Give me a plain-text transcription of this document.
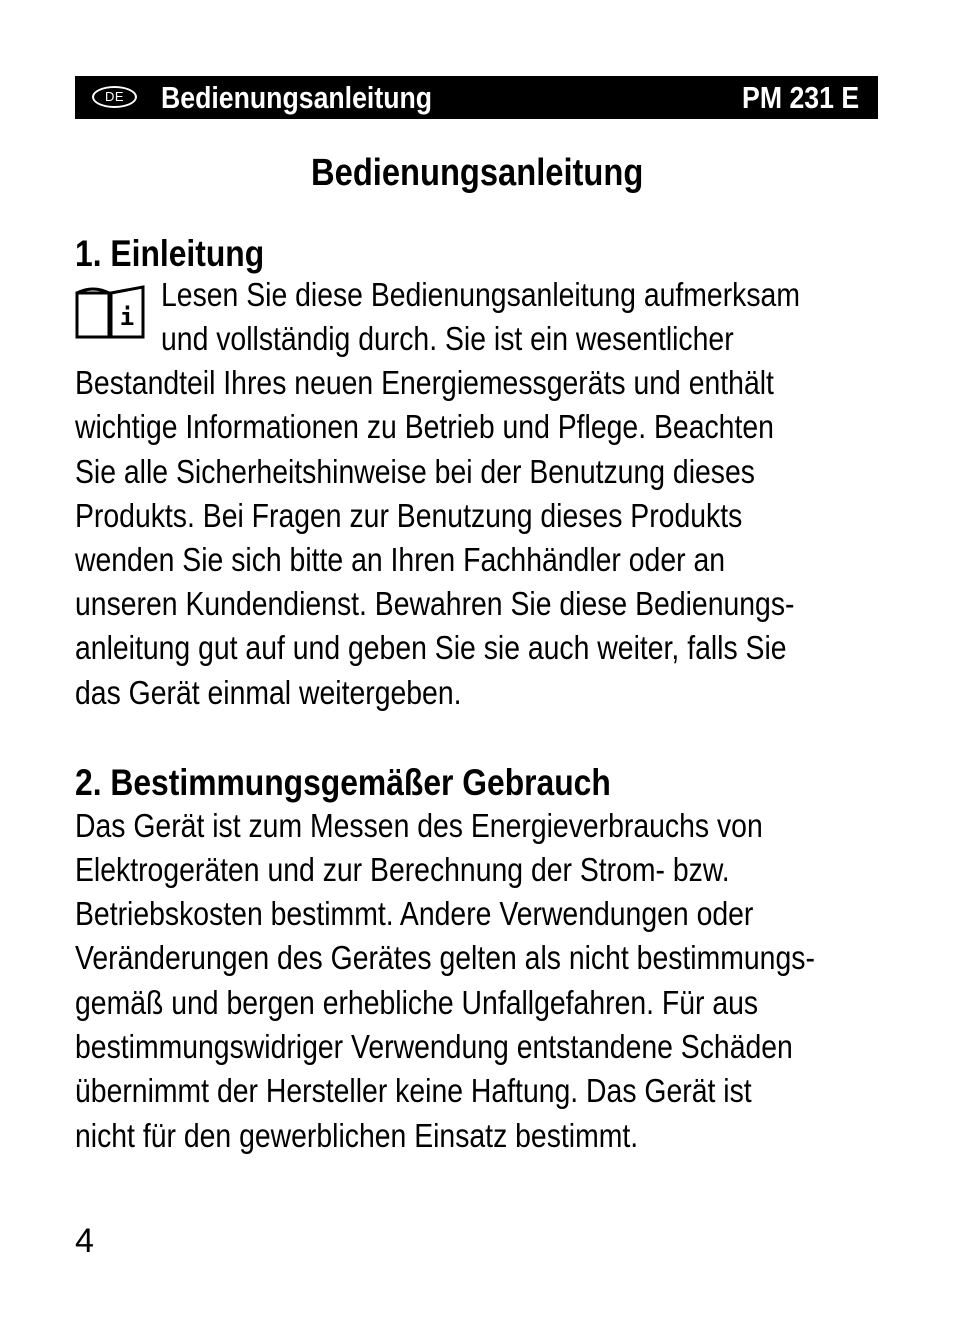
DE	Bedienungsanleitung	PM 231 E
Bedienungsanleitung
1. Einleitung
i
Lesen Sie diese Bedienungsanleitung aufmerksam
und vollständig durch. Sie ist ein wesentlicher
Bestandteil Ihres neuen Energiemessgeräts und enthält
wichtige Informationen zu Betrieb und Pflege. Beachten
Sie alle Sicherheitshinweise bei der Benutzung dieses
Produkts. Bei Fragen zur Benutzung dieses Produkts
wenden Sie sich bitte an Ihren Fachhändler oder an
unseren Kundendienst. Bewahren Sie diese Bedienungs-
anleitung gut auf und geben Sie sie auch weiter, falls Sie
das Gerät einmal weitergeben.
2. Bestimmungsgemäßer Gebrauch
Das Gerät ist zum Messen des Energieverbrauchs von
Elektrogeräten und zur Berechnung der Strom- bzw.
Betriebskosten bestimmt. Andere Verwendungen oder
Veränderungen des Gerätes gelten als nicht bestimmungs-
gemäß und bergen erhebliche Unfallgefahren. Für aus
bestimmungswidriger Verwendung entstandene Schäden
übernimmt der Hersteller keine Haftung. Das Gerät ist
nicht für den gewerblichen Einsatz bestimmt.
4
